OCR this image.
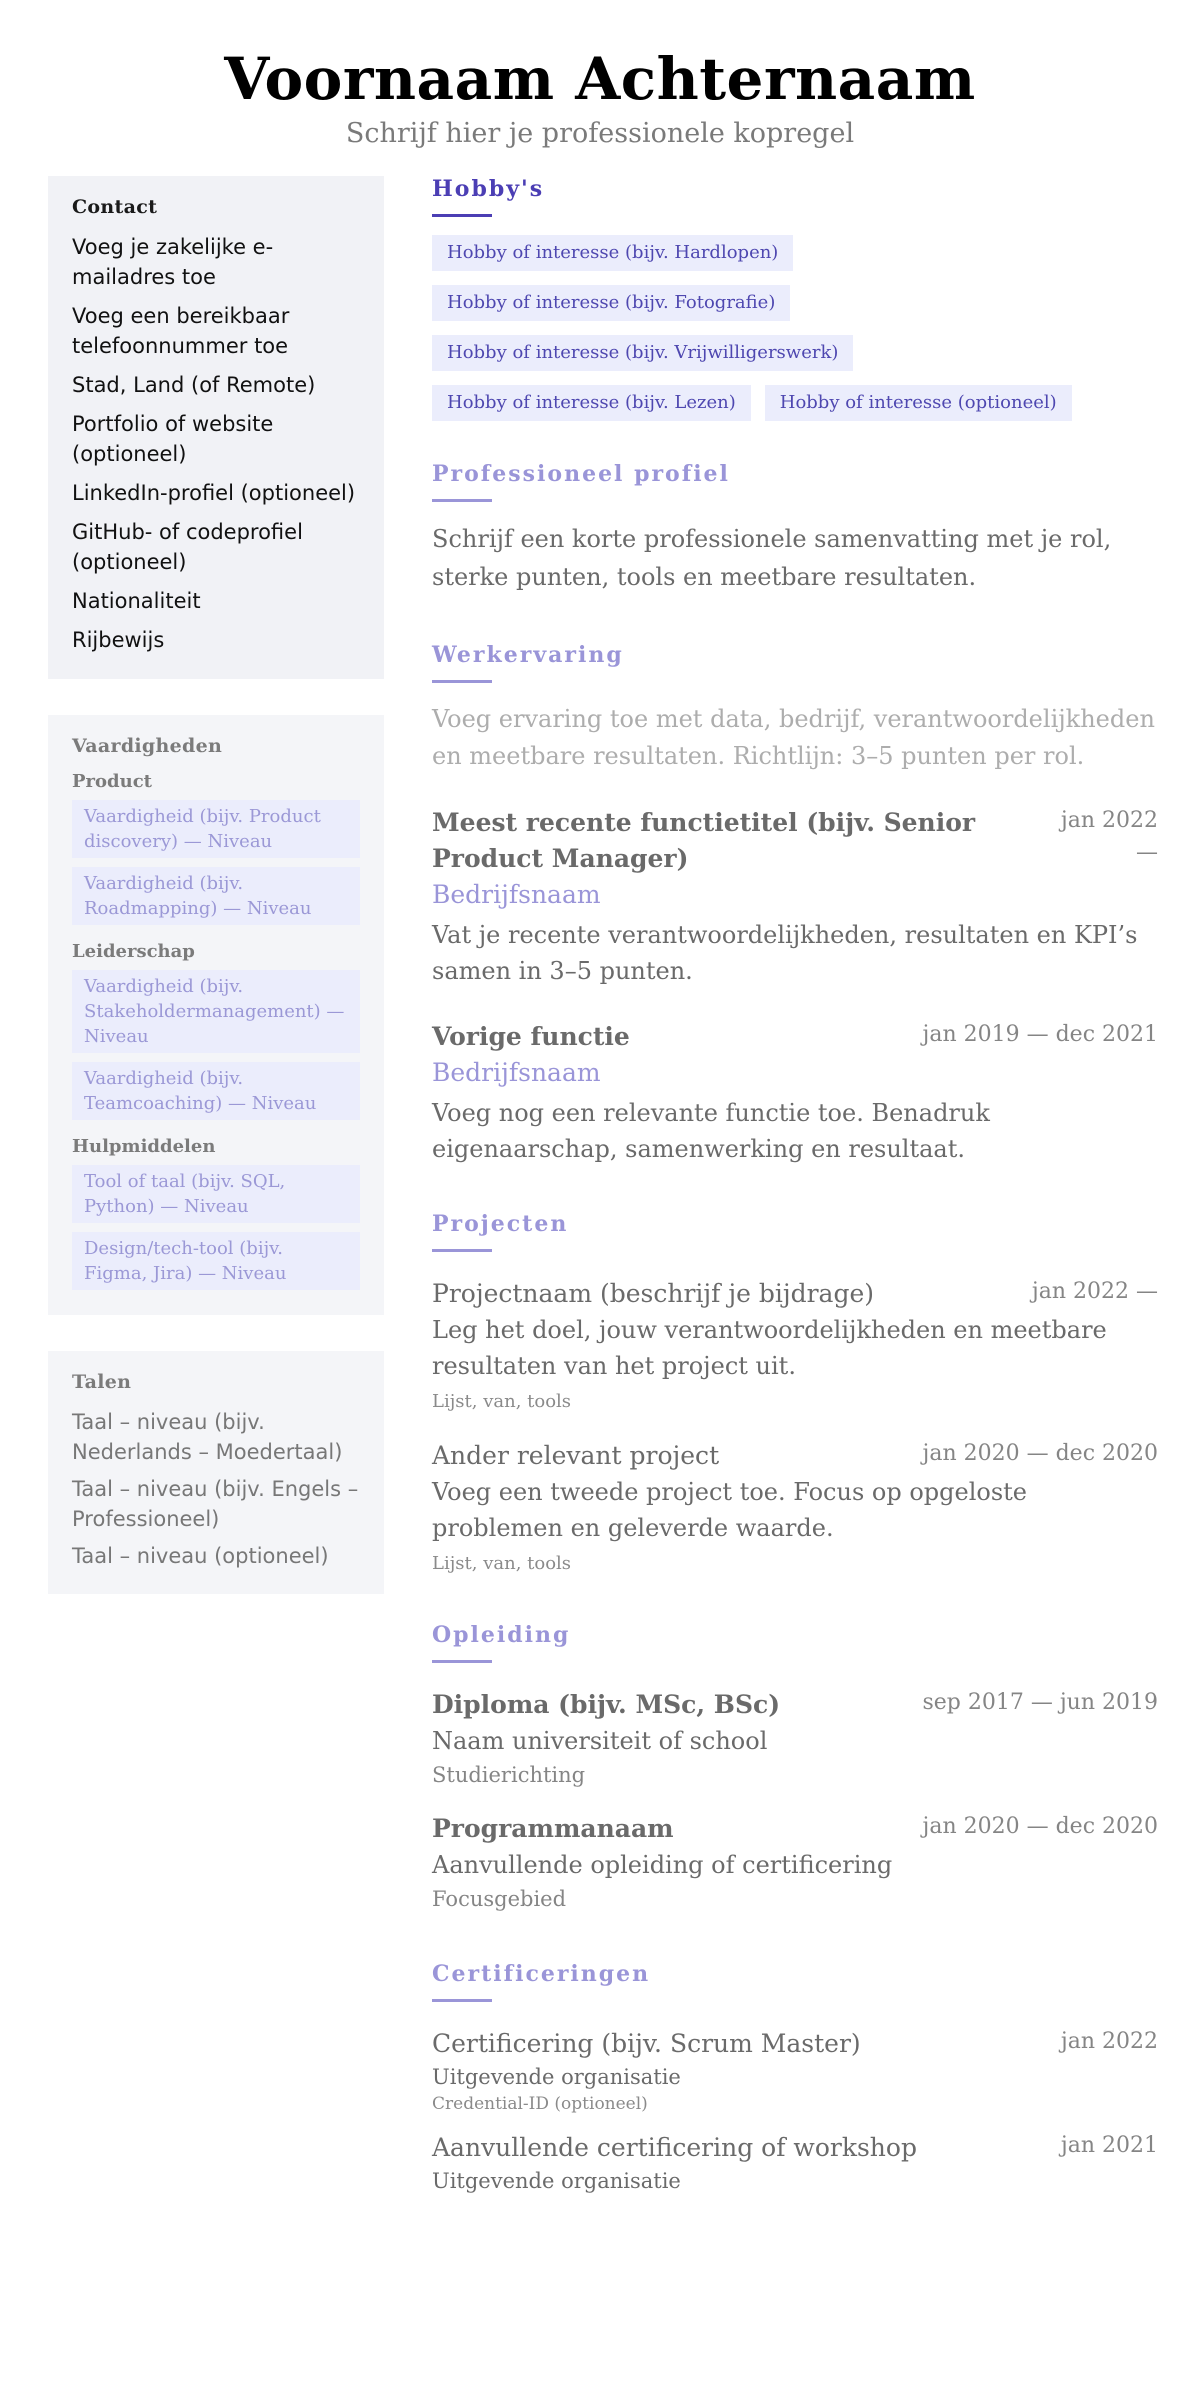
Voornaam Achternaam
Schrijf hier je professionele kopregel
Contact
Voeg je zakelijke e-mailadres toe
Voeg een bereikbaar telefoonnummer toe
Stad, Land (of Remote)
Portfolio of website (optioneel)
LinkedIn-profiel (optioneel)
GitHub- of codeprofiel (optioneel)
Nationaliteit
Rijbewijs
Vaardigheden
Product
Vaardigheid (bijv. Product discovery) — Niveau
Vaardigheid (bijv. Roadmapping) — Niveau
Leiderschap
Vaardigheid (bijv. Stakeholdermanagement) — Niveau
Vaardigheid (bijv. Teamcoaching) — Niveau
Hulpmiddelen
Tool of taal (bijv. SQL, Python) — Niveau
Design/tech-tool (bijv. Figma, Jira) — Niveau
Talen
Taal – niveau (bijv. Nederlands – Moedertaal)
Taal – niveau (bijv. Engels – Professioneel)
Taal – niveau (optioneel)
Hobby's
Hobby of interesse (bijv. Hardlopen)
Hobby of interesse (bijv. Fotografie)
Hobby of interesse (bijv. Vrijwilligerswerk)
Hobby of interesse (bijv. Lezen)	Hobby of interesse (optioneel)
Professioneel profiel
Schrijf een korte professionele samenvatting met je rol, sterke punten, tools en meetbare resultaten.
Werkervaring
Voeg ervaring toe met data, bedrijf, verantwoordelijkheden en meetbare resultaten. Richtlijn: 3–5 punten per rol.
Meest recente functietitel (bijv. Senior Product Manager)
jan 2022 —
Bedrijfsnaam
Vat je recente verantwoordelijkheden, resultaten en KPI’s samen in 3–5 punten.
Vorige functie	jan 2019 — dec 2021
Bedrijfsnaam
Voeg nog een relevante functie toe. Benadruk eigenaarschap, samenwerking en resultaat.
Projecten
Projectnaam (beschrijf je bijdrage)	jan 2022 —
Leg het doel, jouw verantwoordelijkheden en meetbare resultaten van het project uit.
Lijst, van, tools
Ander relevant project	jan 2020 — dec 2020
Voeg een tweede project toe. Focus op opgeloste problemen en geleverde waarde.
Lijst, van, tools
Opleiding
Diploma (bijv. MSc, BSc)	sep 2017 — jun 2019
Naam universiteit of school
Studierichting
Programmanaam	jan 2020 — dec 2020
Aanvullende opleiding of certificering
Focusgebied
Certificeringen
Certificering (bijv. Scrum Master)	jan 2022
Uitgevende organisatie
Credential-ID (optioneel)
Aanvullende certificering of workshop	jan 2021
Uitgevende organisatie
